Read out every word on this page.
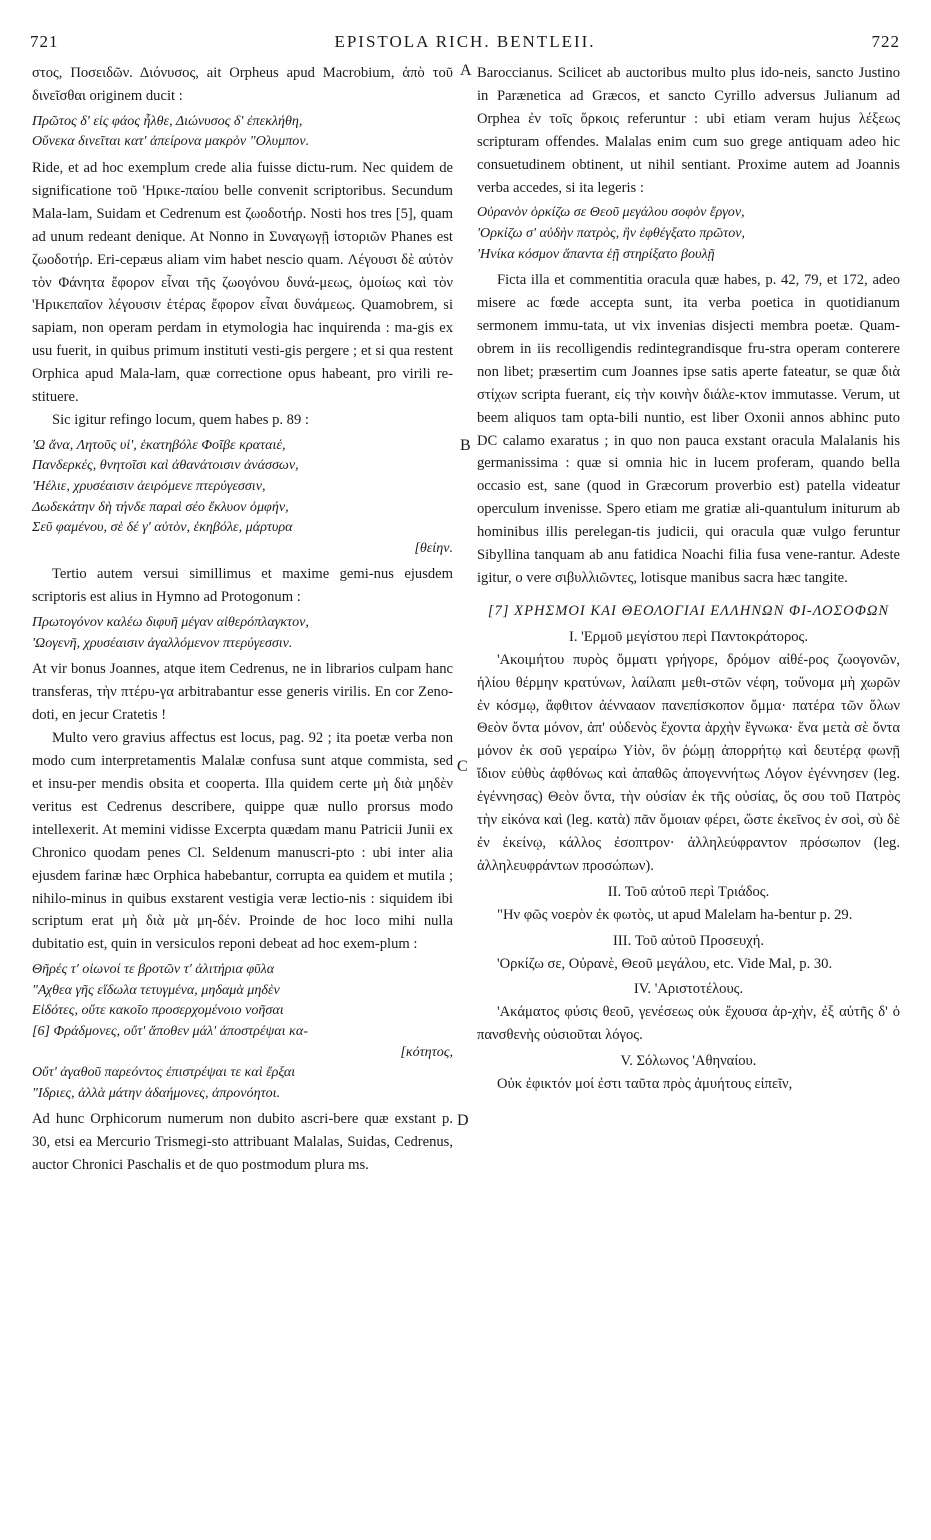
721	EPISTOLA RICH. BENTLEII.	722
A
B
C
D

στος, Ποσειδῶν. Διόνυσος, ait Orpheus apud Macrobium, ἀπὸ τοῦ δινεῖσθαι originem ducit :

Πρῶτος δ' εἰς φάος ἦλθε, Διώνυσος δ' ἐπεκλήθη,
Οὕνεκα δινεῖται κατ' ἀπείρονα μακρὸν "Ολυμπον.

Ride, et ad hoc exemplum crede alia fuisse dictu-rum. Nec quidem de significatione τοῦ 'Ηρικε-παίου belle convenit scriptoribus. Secundum Mala-lam, Suidam et Cedrenum est ζωοδοτήρ. Nosti hos tres [5], quam ad unum redeant denique. At Nonno in Συναγωγῇ ἱστοριῶν Phanes est ζωοδοτήρ. Eri-cepæus aliam vim habet nescio quam. Λέγουσι δὲ αὐτὸν τὸν Φάνητα ἔφορον εἶναι τῆς ζωογόνου δυνά-μεως, ὁμοίως καὶ τὸν 'Ηρικεπαῖον λέγουσιν ἑτέρας ἔφορον εἶναι δυνάμεως. Quamobrem, si sapiam, non operam perdam in etymologia hac inquirenda : ma-gis ex usu fuerit, in quibus primum instituti vesti-gis pergere ; et si qua restent Orphica apud Mala-lam, quæ correctione opus habeant, pro virili re-stituere.

Sic igitur refingo locum, quem habes p. 89 :

'Ω ἄνα, Λητοῦς υἱ', ἑκατηβόλε Φοῖβε κραταιέ,
Πανδερκές, θνητοῖσι καὶ ἀθανάτοισιν ἀνάσσων,
'Ηέλιε, χρυσέαισιν ἀειρόμενε πτερύγεσσιν,
Δωδεκάτην δὴ τήνδε παραὶ σέο ἔκλυον ὀμφήν,
Σεῦ φαμένου, σὲ δέ γ' αὐτὸν, ἑκηβόλε, μάρτυρα
[θείην.

Tertio autem versui simillimus et maxime gemi-nus ejusdem scriptoris est alius in Hymno ad Protogonum :

Πρωτογόνον καλέω διφυῆ μέγαν αἰθερόπλαγκτον,
'Ωογενῆ, χρυσέαισιν ἀγαλλόμενον πτερύγεσσιν.

At vir bonus Joannes, atque item Cedrenus, ne in librarios culpam hanc transferas, τὴν πτέρυ-γα arbitrabantur esse generis virilis. En cor Zeno-doti, en jecur Cratetis !

Multo vero gravius affectus est locus, pag. 92 ; ita poetæ verba non modo cum interpretamentis Malalæ confusa sunt atque commista, sed et insu-per mendis obsita et cooperta. Illa quidem certe μὴ διὰ μηδὲν veritus est Cedrenus describere, quippe quæ nullo prorsus modo intellexerit. At memini vidisse Excerpta quædam manu Patricii Junii ex Chronico quodam penes Cl. Seldenum manuscri-pto : ubi inter alia ejusdem farinæ hæc Orphica habebantur, corrupta ea quidem et mutila ; nihilo-minus in quibus exstarent vestigia veræ lectio-nis : siquidem ibi scriptum erat μὴ διὰ μὰ μη-δέν. Proinde de hoc loco mihi nulla dubitatio est, quin in versiculos reponi debeat ad hoc exem-plum :

Θῆρές τ' οἰωνοί τε βροτῶν τ' ἀλιτήρια φῦλα
"Αχθεα γῆς εἴδωλα τετυγμένα, μηδαμὰ μηδὲν
Εἰδότες, οὔτε κακοῖο προσερχομένοιο νοῆσαι
[6] Φράδμονες, οὔτ' ἄποθεν μάλ' ἀποστρέψαι κα-
[κότητος,
Οὔτ' ἀγαθοῦ παρεόντος ἐπιστρέψαι τε καὶ ἔρξαι
"Ιδριες, ἀλλὰ μάτην ἀδαήμονες, ἀπρονόητοι.

Ad hunc Orphicorum numerum non dubito ascri-bere quæ exstant p. 30, etsi ea Mercurio Trismegi-sto attribuant Malalas, Suidas, Cedrenus, auctor Chronici Paschalis et de quo postmodum plura ms.

Baroccianus. Scilicet ab auctoribus multo plus ido-neis, sancto Justino in Parænetica ad Græcos, et sancto Cyrillo adversus Julianum ad Orphea ἐν τοῖς ὅρκοις referuntur : ubi etiam veram hujus λέξεως scripturam offendes. Malalas enim cum suo grege antiquam adeo hic consuetudinem obtinent, ut nihil sentiant. Proxime autem ad Joannis verba accedes, si ita legeris :

Οὐρανὸν ὁρκίζω σε Θεοῦ μεγάλου σοφὸν ἔργον,
'Ορκίζω σ' αὐδὴν πατρὸς, ἣν ἐφθέγξατο πρῶτον,
'Ηνίκα κόσμον ἅπαντα ἑῇ στηρίξατο βουλῇ

Ficta illa et commentitia oracula quæ habes, p. 42, 79, et 172, adeo misere ac fœde accepta sunt, ita verba poetica in quotidianum sermonem immu-tata, ut vix invenias disjecti membra poetæ. Quam-obrem in iis recolligendis redintegrandisque fru-stra operam conterere non libet; præsertim cum Joannes ipse satis aperte fateatur, se quæ διὰ στίχων scripta fuerant, εἰς τὴν κοινὴν διάλε-κτον immutasse. Verum, ut beem aliquos tam opta-bili nuntio, est liber Oxonii annos abhinc puto DC calamo exaratus ; in quo non pauca exstant oracula Malalanis his germanissima : quæ si omnia hic in lucem proferam, quando bella occasio est, sane (quod in Græcorum proverbio est) patella videatur operculum invenisse. Spero etiam me gratiæ ali-quantulum initurum ab hominibus illis perelegan-tis judicii, qui oracula quæ vulgo feruntur Sibyllina tanquam ab anu fatidica Noachi filia fusa vene-rantur. Adeste igitur, o vere σιβυλλιῶντες, lotisque manibus sacra hæc tangite.

[7] ΧΡΗΣΜΟΙ ΚΑΙ ΘΕΟΛΟΓΙΑΙ ΕΛΛΗΝΩΝ ΦΙ-ΛΟΣΟΦΩΝ
I. 'Ερμοῦ μεγίστου περὶ Παντοκράτορος.

'Ακοιμήτου πυρὸς ὄμματι γρήγορε, δρόμον αἰθέ-ρος ζωογονῶν, ἡλίου θέρμην κρατύνων, λαίλαπι μεθι-στῶν νέφη, τοὔνομα μὴ χωρῶν ἐν κόσμῳ, ἄφθιτον ἀέννααον πανεπίσκοπον ὄμμα· πατέρα τῶν ὅλων Θεὸν ὄντα μόνον, ἀπ' οὐδενὸς ἔχοντα ἀρχὴν ἔγνωκα· ἕνα μετὰ σὲ ὄντα μόνον ἐκ σοῦ γεραίρω Υἱὸν, ὃν ῥώμῃ ἀπορρήτῳ καὶ δευτέρᾳ φωνῇ ἴδιον εὐθὺς ἀφθόνως καὶ ἀπαθῶς ἀπογεννήτως Λόγον ἐγέννησεν (leg. ἐγέννησας) Θεὸν ὄντα, τὴν οὐσίαν ἐκ τῆς οὐσίας, ὅς σου τοῦ Πατρὸς τὴν εἰκόνα καὶ (leg. κατὰ) πᾶν ὅμοιαν φέρει, ὥστε ἐκεῖνος ἐν σοὶ, σὺ δὲ ἐν ἐκείνῳ, κάλλος ἐσοπτρον· ἀλληλεύφραντον πρόσωπον (leg. ἀλληλευφράντων προσώπων).

II. Τοῦ αὐτοῦ περὶ Τριάδος.

"Ην φῶς νοερὸν ἐκ φωτὸς, ut apud Malelam ha-bentur p. 29.

III. Τοῦ αὐτοῦ Προσευχή.

'Ορκίζω σε, Οὐρανὲ, Θεοῦ μεγάλου, etc. Vide Mal, p. 30.

IV. 'Αριστοτέλους.

'Ακάματος φύσις θεοῦ, γενέσεως οὐκ ἔχουσα ἀρ-χὴν, ἐξ αὐτῆς δ' ὁ πανσθενὴς οὐσιοῦται λόγος.

V. Σόλωνος 'Αθηναίου.

Οὐκ ἐφικτόν μοί ἐστι ταῦτα πρὸς ἀμυήτους εἰπεῖν,
